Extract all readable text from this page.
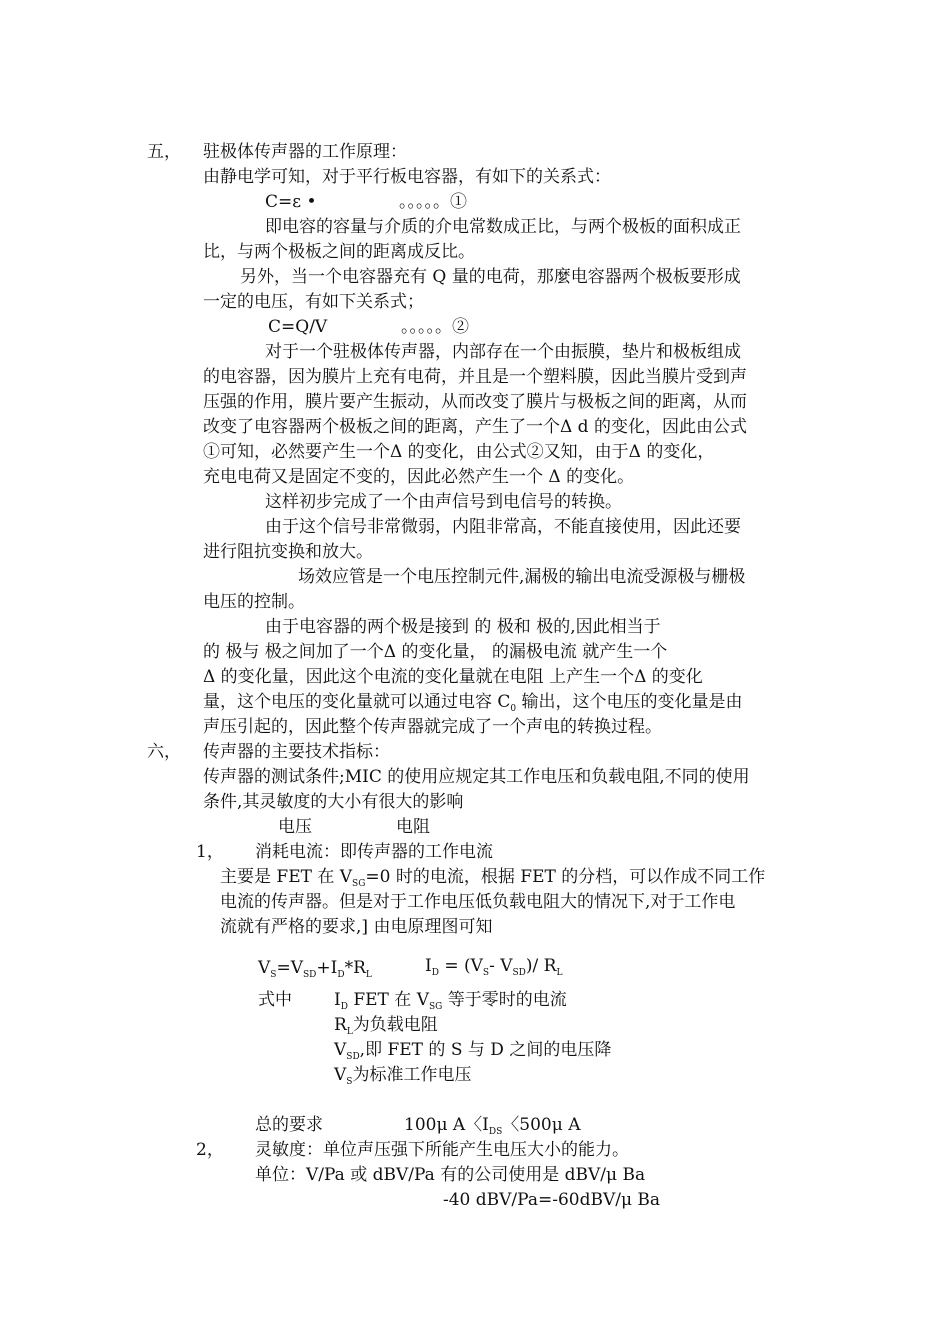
五， 驻极体传声器的工作原理：
由静电学可知，对于平行板电容器，有如下的关系式：
C=ε •	。。。。。①
即电容的容量与介质的介电常数成正比，与两个极板的面积成正
比，与两个极板之间的距离成反比。
另外，当一个电容器充有 Q 量的电荷，那麼电容器两个极板要形成
一定的电压，有如下关系式；
C=Q/V	。。。。。②
对于一个驻极体传声器，内部存在一个由振膜，垫片和极板组成
的电容器，因为膜片上充有电荷，并且是一个塑料膜，因此当膜片受到声
压强的作用，膜片要产生振动，从而改变了膜片与极板之间的距离，从而
改变了电容器两个极板之间的距离，产生了一个Δ d 的变化，因此由公式
①可知，必然要产生一个Δ 的变化，由公式②又知，由于Δ 的变化，
充电电荷又是固定不变的，因此必然产生一个 Δ 的变化。
这样初步完成了一个由声信号到电信号的转换。
由于这个信号非常微弱，内阻非常高，不能直接使用，因此还要
进行阻抗变换和放大。
场效应管是一个电压控制元件,漏极的输出电流受源极与栅极
电压的控制。
由于电容器的两个极是接到 的 极和 极的,因此相当于
的 极与 极之间加了一个Δ 的变化量， 的漏极电流 就产生一个
Δ 的变化量，因此这个电流的变化量就在电阻 上产生一个Δ 的变化
量，这个电压的变化量就可以通过电容 $C_0$ 输出，这个电压的变化量是由
声压引起的，因此整个传声器就完成了一个声电的转换过程。
六， 传声器的主要技术指标：
传声器的测试条件;MIC 的使用应规定其工作电压和负载电阻,不同的使用
条件,其灵敏度的大小有很大的影响
电压	电阻
1， 消耗电流：即传声器的工作电流
主要是 FET 在 $V_{SG}=0$ 时的电流，根据 FET 的分档，可以作成不同工作
电流的传声器。但是对于工作电压低负载电阻大的情况下,对于工作电
流就有严格的要求,] 由电原理图可知
$V_S=V_{SD}+I_D*R_L$	$I_D = (V_S-$ $V_{SD})/$ $R_L$
式中 $I_D$ FET 在 $V_{SG}$ 等于零时的电流
$R_L$为负载电阻
$V_{SD}$,即 FET 的 S 与 D 之间的电压降
$V_S$为标准工作电压
总的要求	100μ A〈$I_{DS}$〈500μ A
2， 灵敏度：单位声压强下所能产生电压大小的能力。
单位：V/Pa 或 dBV/Pa 有的公司使用是 dBV/μ Ba
-40 dBV/Pa=-60dBV/μ Ba
